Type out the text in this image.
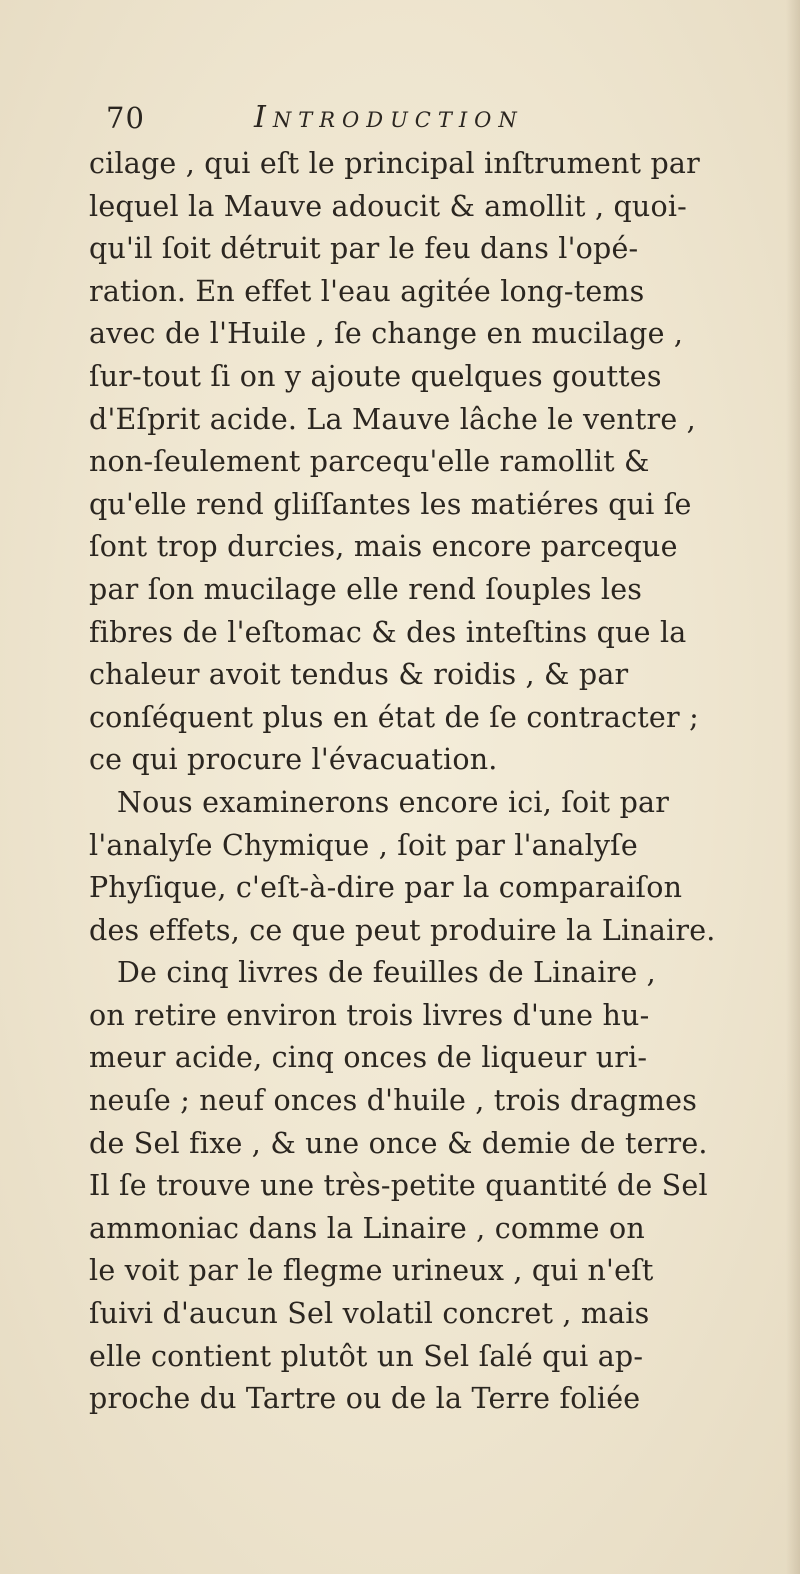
70	Introduction
cilage , qui eſt le principal inſtrument par
lequel la Mauve adoucit & amollit , quoi-
qu'il ſoit détruit par le feu dans l'opé-
ration. En effet l'eau agitée long-tems
avec de l'Huile , ſe change en mucilage ,
ſur-tout ſi on y ajoute quelques gouttes
d'Eſprit acide. La Mauve lâche le ventre ,
non-ſeulement parcequ'elle ramollit &
qu'elle rend gliſſantes les matiéres qui ſe
ſont trop durcies, mais encore parceque
par ſon mucilage elle rend ſouples les
fibres de l'eſtomac & des inteſtins que la
chaleur avoit tendus & roidis , & par
conſéquent plus en état de ſe contracter ;
ce qui procure l'évacuation.
Nous examinerons encore ici, ſoit par
l'analyſe Chymique , ſoit par l'analyſe
Phyſique, c'eſt-à-dire par la comparaiſon
des effets, ce que peut produire la Linaire.
De cinq livres de feuilles de Linaire ,
on retire environ trois livres d'une hu-
meur acide, cinq onces de liqueur uri-
neuſe ; neuf onces d'huile , trois dragmes
de Sel fixe , & une once & demie de terre.
Il ſe trouve une très-petite quantité de Sel
ammoniac dans la Linaire , comme on
le voit par le flegme urineux , qui n'eſt
ſuivi d'aucun Sel volatil concret , mais
elle contient plutôt un Sel ſalé qui ap-
proche du Tartre ou de la Terre foliée
